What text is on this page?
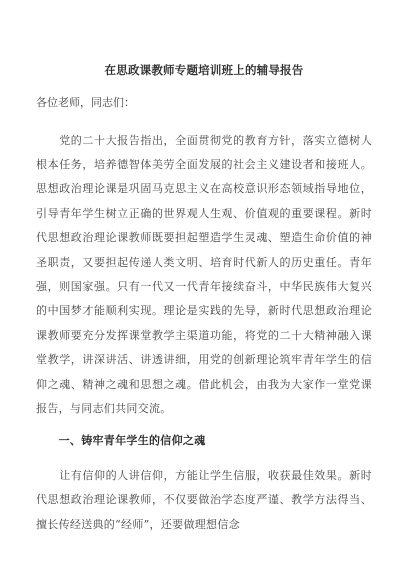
在思政课教师专题培训班上的辅导报告

各位老师，同志们：

　　党的二十大报告指出，全面贯彻党的教育方针，落实立德树人根本任务，培养德智体美劳全面发展的社会主义建设者和接班人。思想政治理论课是巩固马克思主义在高校意识形态领域指导地位，引导青年学生树立正确的世界观人生观、价值观的重要课程。新时代思想政治理论课教师既要担起塑造学生灵魂、塑造生命价值的神圣职责，又要担起传递人类文明、培育时代新人的历史重任。青年强，则国家强。只有一代又一代青年接续奋斗，中华民族伟大复兴的中国梦才能顺利实现。理论是实践的先导，新时代思想政治理论课教师要充分发挥课堂教学主渠道功能，将党的二十大精神融入课堂教学，讲深讲活、讲透讲细，用党的创新理论筑牢青年学生的信仰之魂、精神之魂和思想之魂。借此机会，由我为大家作一堂党课报告，与同志们共同交流。

　　一、铸牢青年学生的信仰之魂

　　让有信仰的人讲信仰，方能让学生信服，收获最佳效果。新时代思想政治理论课教师，不仅要做治学态度严谨、教学方法得当、擅长传经送典的“经师”，还要做理想信念
